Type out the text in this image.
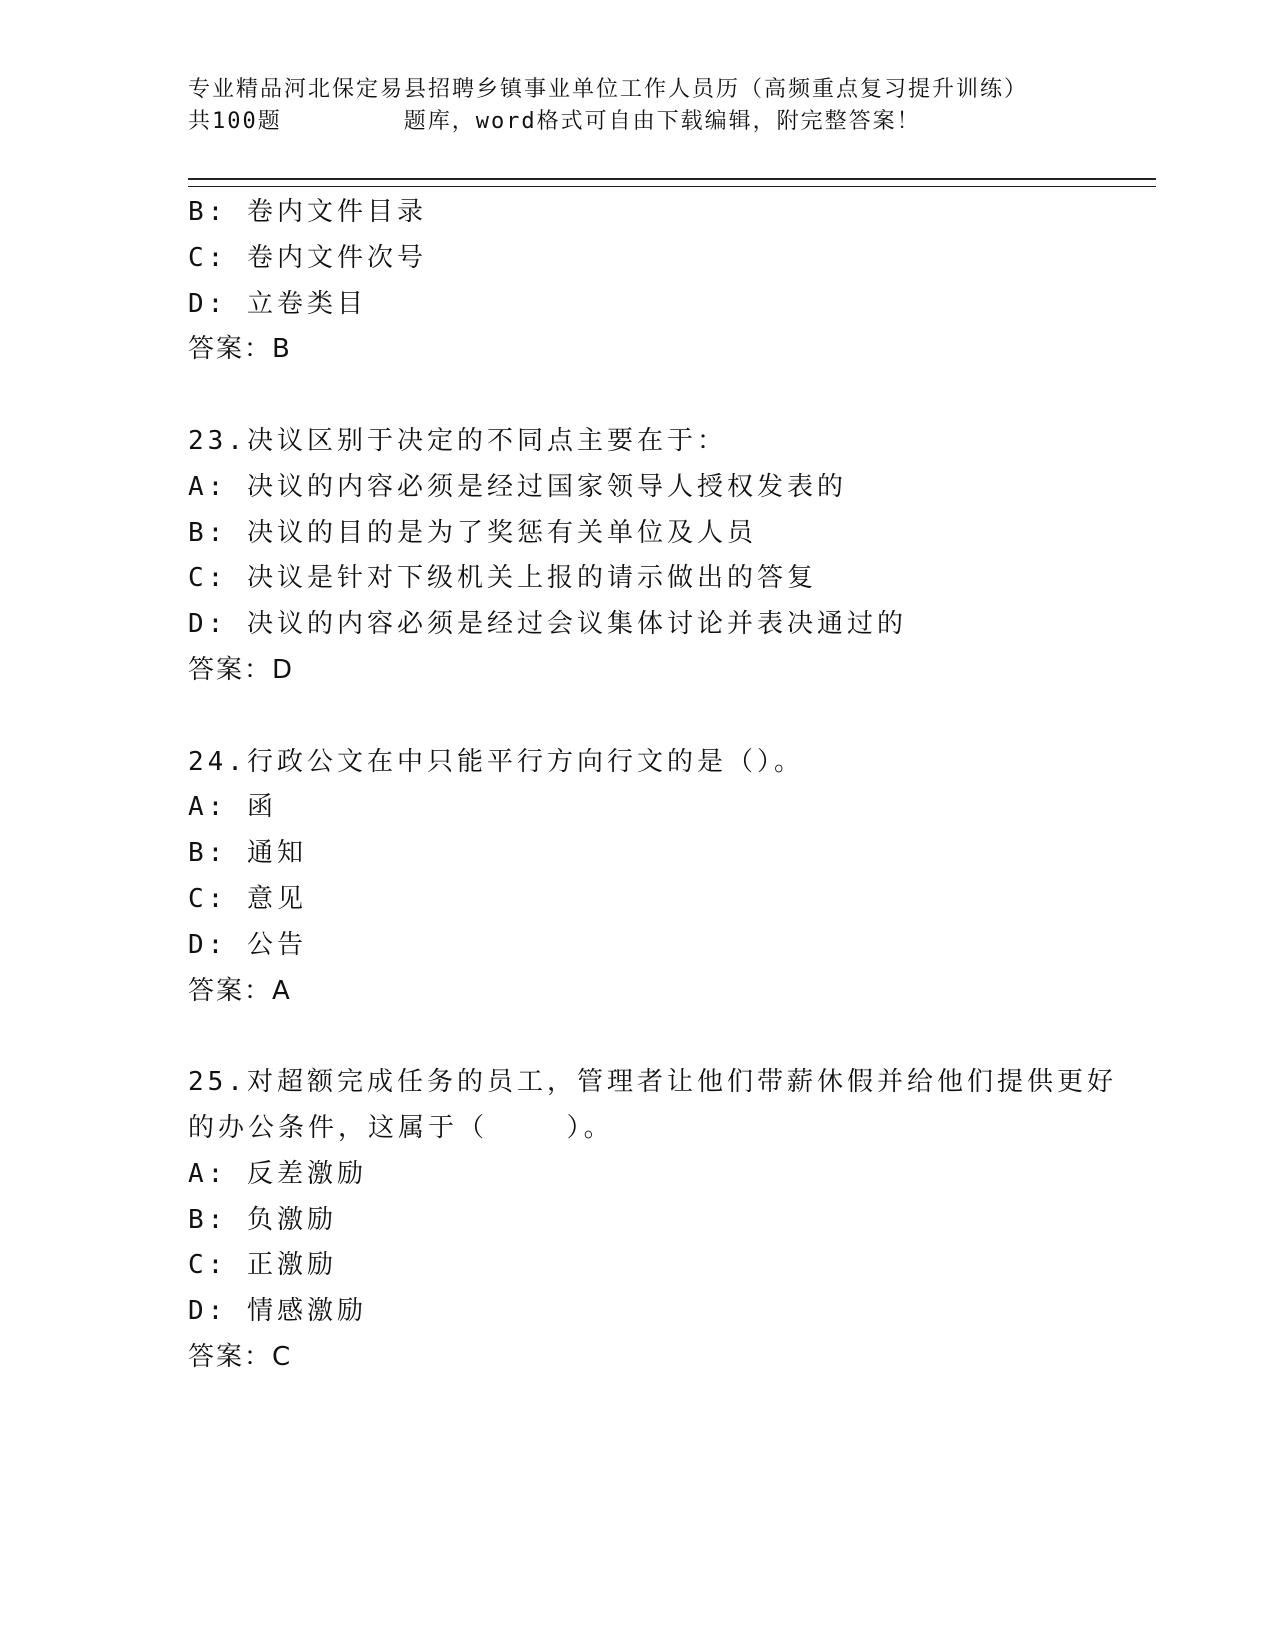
专业精品河北保定易县招聘乡镇事业单位工作人员历（高频重点复习提升训练）
共100题        题库，word格式可自由下载编辑，附完整答案！
B: 卷内文件目录
C: 卷内文件次号
D: 立卷类目
答案：B
23.决议区别于决定的不同点主要在于：
A: 决议的内容必须是经过国家领导人授权发表的
B: 决议的目的是为了奖惩有关单位及人员
C: 决议是针对下级机关上报的请示做出的答复
D: 决议的内容必须是经过会议集体讨论并表决通过的
答案：D
24.行政公文在中只能平行方向行文的是（）。
A: 函
B: 通知
C: 意见
D: 公告
答案：A
25.对超额完成任务的员工，管理者让他们带薪休假并给他们提供更好
的办公条件，这属于（    ）。
A: 反差激励
B: 负激励
C: 正激励
D: 情感激励
答案：C
